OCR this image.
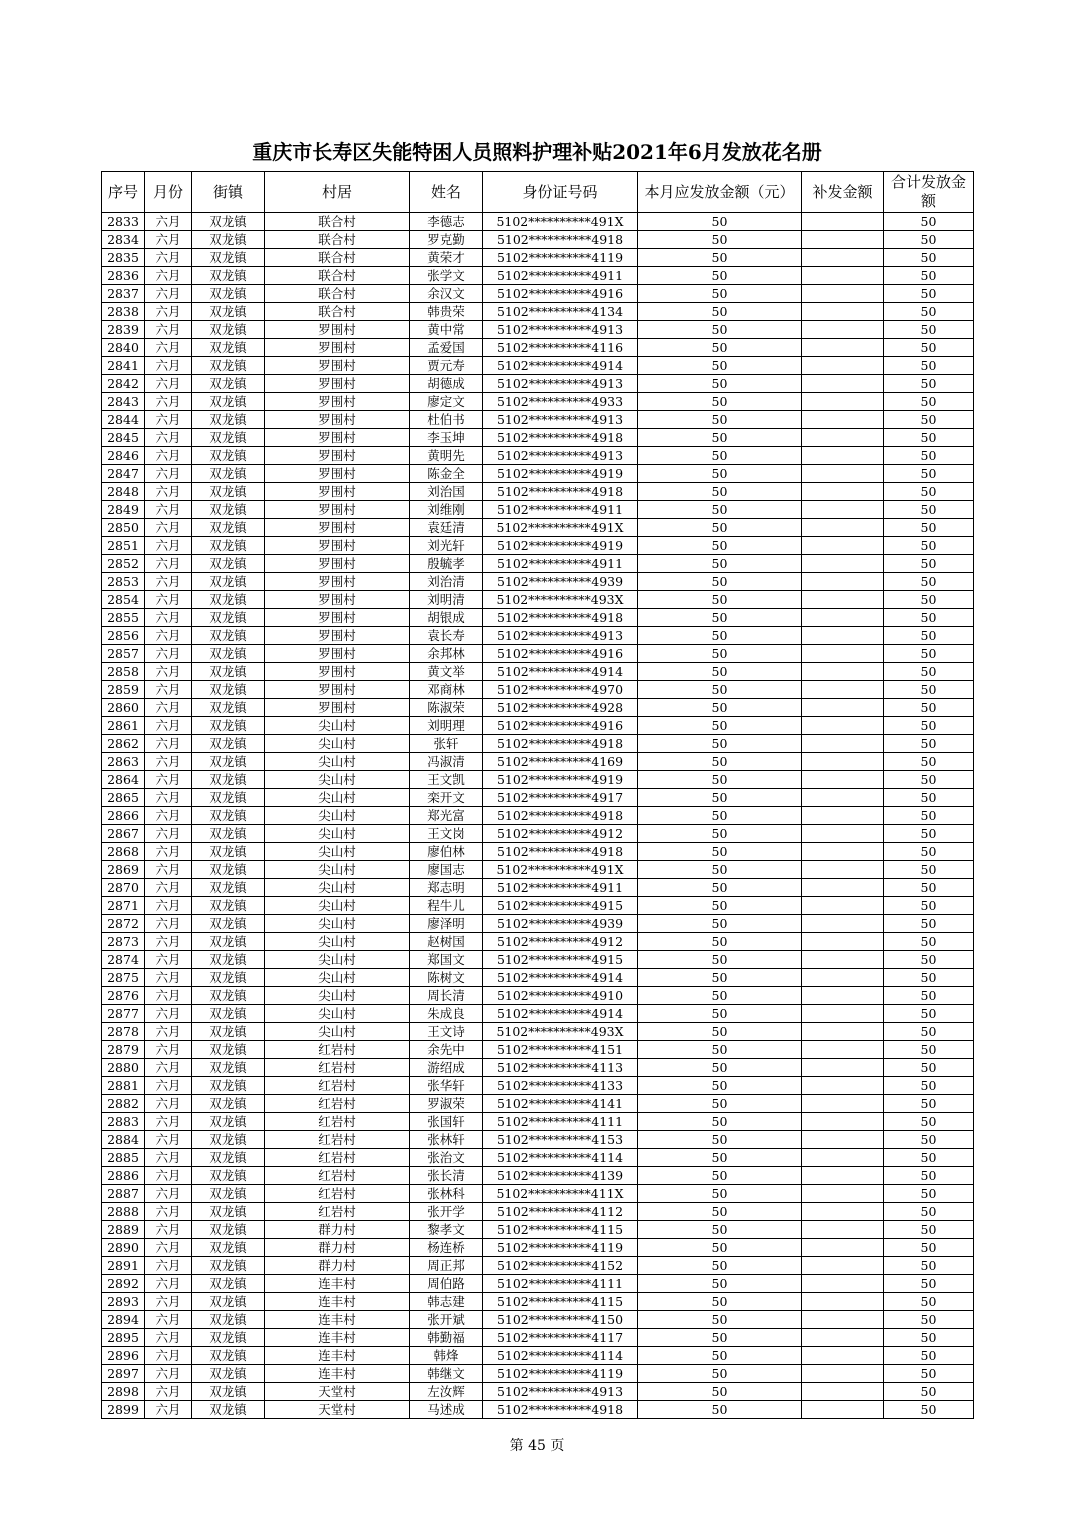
重庆市长寿区失能特困人员照料护理补贴2021年6月发放花名册
序号	月份	街镇	村居	姓名	身份证号码	本月应发放金额（元）	补发金额	合计发放金额
2833	六月	双龙镇	联合村	李德志	5102**********491X	50		50
2834	六月	双龙镇	联合村	罗克勤	5102**********4918	50		50
2835	六月	双龙镇	联合村	黄荣才	5102**********4119	50		50
2836	六月	双龙镇	联合村	张学文	5102**********4911	50		50
2837	六月	双龙镇	联合村	余汉文	5102**********4916	50		50
2838	六月	双龙镇	联合村	韩贵荣	5102**********4134	50		50
2839	六月	双龙镇	罗围村	黄中常	5102**********4913	50		50
2840	六月	双龙镇	罗围村	孟爱国	5102**********4116	50		50
2841	六月	双龙镇	罗围村	贾元寿	5102**********4914	50		50
2842	六月	双龙镇	罗围村	胡德成	5102**********4913	50		50
2843	六月	双龙镇	罗围村	廖定文	5102**********4933	50		50
2844	六月	双龙镇	罗围村	杜伯书	5102**********4913	50		50
2845	六月	双龙镇	罗围村	李玉坤	5102**********4918	50		50
2846	六月	双龙镇	罗围村	黄明先	5102**********4913	50		50
2847	六月	双龙镇	罗围村	陈金全	5102**********4919	50		50
2848	六月	双龙镇	罗围村	刘治国	5102**********4918	50		50
2849	六月	双龙镇	罗围村	刘维刚	5102**********4911	50		50
2850	六月	双龙镇	罗围村	袁廷清	5102**********491X	50		50
2851	六月	双龙镇	罗围村	刘光轩	5102**********4919	50		50
2852	六月	双龙镇	罗围村	殷毓孝	5102**********4911	50		50
2853	六月	双龙镇	罗围村	刘治清	5102**********4939	50		50
2854	六月	双龙镇	罗围村	刘明清	5102**********493X	50		50
2855	六月	双龙镇	罗围村	胡银成	5102**********4918	50		50
2856	六月	双龙镇	罗围村	袁长寿	5102**********4913	50		50
2857	六月	双龙镇	罗围村	余邦林	5102**********4916	50		50
2858	六月	双龙镇	罗围村	黄文举	5102**********4914	50		50
2859	六月	双龙镇	罗围村	邓商林	5102**********4970	50		50
2860	六月	双龙镇	罗围村	陈淑荣	5102**********4928	50		50
2861	六月	双龙镇	尖山村	刘明理	5102**********4916	50		50
2862	六月	双龙镇	尖山村	张轩	5102**********4918	50		50
2863	六月	双龙镇	尖山村	冯淑清	5102**********4169	50		50
2864	六月	双龙镇	尖山村	王文凯	5102**********4919	50		50
2865	六月	双龙镇	尖山村	栾开文	5102**********4917	50		50
2866	六月	双龙镇	尖山村	郑光富	5102**********4918	50		50
2867	六月	双龙镇	尖山村	王文岗	5102**********4912	50		50
2868	六月	双龙镇	尖山村	廖伯林	5102**********4918	50		50
2869	六月	双龙镇	尖山村	廖国志	5102**********491X	50		50
2870	六月	双龙镇	尖山村	郑志明	5102**********4911	50		50
2871	六月	双龙镇	尖山村	程牛儿	5102**********4915	50		50
2872	六月	双龙镇	尖山村	廖泽明	5102**********4939	50		50
2873	六月	双龙镇	尖山村	赵树国	5102**********4912	50		50
2874	六月	双龙镇	尖山村	郑国文	5102**********4915	50		50
2875	六月	双龙镇	尖山村	陈树文	5102**********4914	50		50
2876	六月	双龙镇	尖山村	周长清	5102**********4910	50		50
2877	六月	双龙镇	尖山村	朱成良	5102**********4914	50		50
2878	六月	双龙镇	尖山村	王文诗	5102**********493X	50		50
2879	六月	双龙镇	红岩村	余先中	5102**********4151	50		50
2880	六月	双龙镇	红岩村	游绍成	5102**********4113	50		50
2881	六月	双龙镇	红岩村	张华轩	5102**********4133	50		50
2882	六月	双龙镇	红岩村	罗淑荣	5102**********4141	50		50
2883	六月	双龙镇	红岩村	张国轩	5102**********4111	50		50
2884	六月	双龙镇	红岩村	张林轩	5102**********4153	50		50
2885	六月	双龙镇	红岩村	张治文	5102**********4114	50		50
2886	六月	双龙镇	红岩村	张长清	5102**********4139	50		50
2887	六月	双龙镇	红岩村	张林科	5102**********411X	50		50
2888	六月	双龙镇	红岩村	张开学	5102**********4112	50		50
2889	六月	双龙镇	群力村	黎孝文	5102**********4115	50		50
2890	六月	双龙镇	群力村	杨连桥	5102**********4119	50		50
2891	六月	双龙镇	群力村	周正邦	5102**********4152	50		50
2892	六月	双龙镇	连丰村	周伯路	5102**********4111	50		50
2893	六月	双龙镇	连丰村	韩志建	5102**********4115	50		50
2894	六月	双龙镇	连丰村	张开斌	5102**********4150	50		50
2895	六月	双龙镇	连丰村	韩勤福	5102**********4117	50		50
2896	六月	双龙镇	连丰村	韩烽	5102**********4114	50		50
2897	六月	双龙镇	连丰村	韩继文	5102**********4119	50		50
2898	六月	双龙镇	天堂村	左汝辉	5102**********4913	50		50
2899	六月	双龙镇	天堂村	马述成	5102**********4918	50		50
第 45 页
